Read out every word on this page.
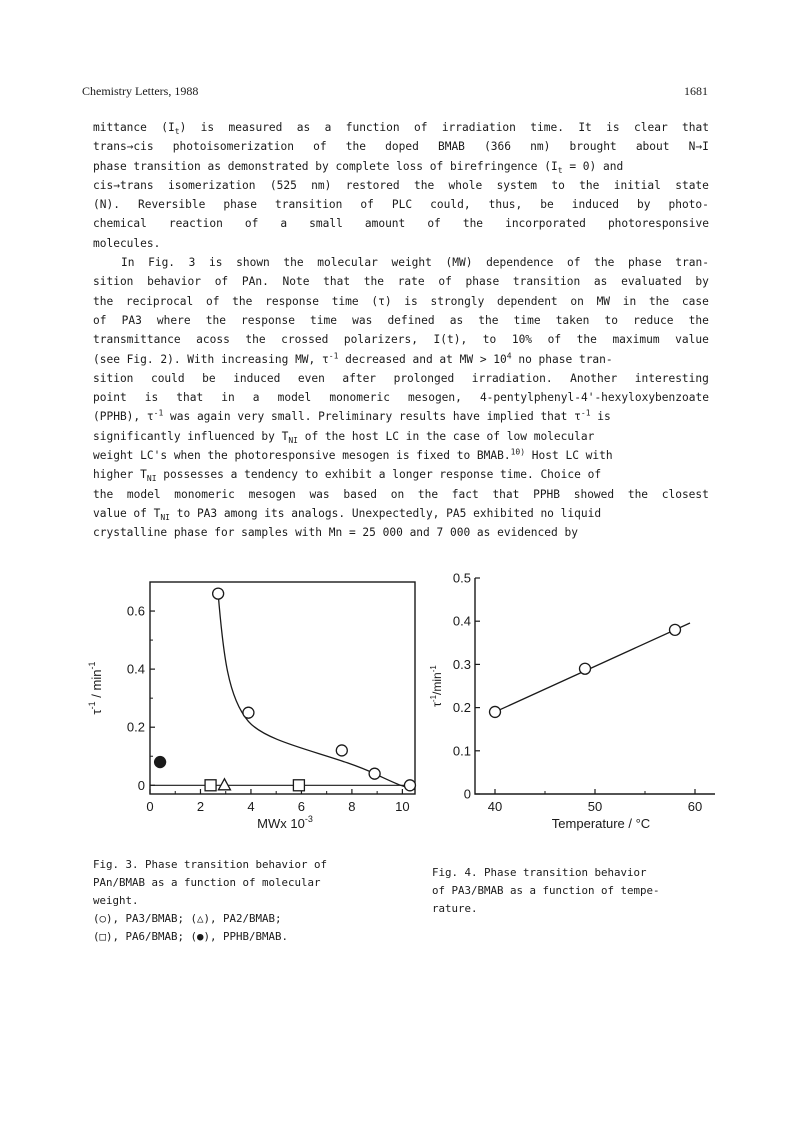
Chemistry Letters, 1988	1681
mittance $(I_t)$ is measured as a function of irradiation time. It is clear that
trans→cis photoisomerization of the doped BMAB (366 nm) brought about N→I
phase transition as demonstrated by complete loss of birefringence $(I_t = 0)$ and
cis→trans isomerization (525 nm) restored the whole system to the initial state
(N). Reversible phase transition of PLC could, thus, be induced by photo-
chemical reaction of a small amount of the incorporated photoresponsive
molecules.
In Fig. 3 is shown the molecular weight (MW) dependence of the phase tran-
sition behavior of PAn. Note that the rate of phase transition as evaluated by
the reciprocal of the response time (τ) is strongly dependent on MW in the case
of PA3 where the response time was defined as the time taken to reduce the
transmittance acoss the crossed polarizers, I(t), to 10% of the maximum value
(see Fig. 2). With increasing MW, $\tau^{-1}$ decreased and at MW > $10^4$ no phase tran-
sition could be induced even after prolonged irradiation. Another interesting
point is that in a model monomeric mesogen, 4-pentylphenyl-4'-hexyloxybenzoate
(PPHB), $\tau^{-1}$ was again very small. Preliminary results have implied that $\tau^{-1}$ is
significantly influenced by $T_{NI}$ of the host LC in the case of low molecular
weight LC's when the photoresponsive mesogen is fixed to BMAB.$^{10)}$ Host LC with
higher $T_{NI}$ possesses a tendency to exhibit a longer response time. Choice of
the model monomeric mesogen was based on the fact that PPHB showed the closest
value of $T_{NI}$ to PA3 among its analogs. Unexpectedly, PA5 exhibited no liquid
crystalline phase for samples with Mn = 25 000 and 7 000 as evidenced by
0	2	4	6	8	10
0
0.2
0.4
0.6
MWx $10^{-3}$
$\tau^{-1} / \min^{-1}$
40	50	60
0
0.1
0.2
0.3
0.4
0.5
Temperature / °C
$\tau^{-1}/\min^{-1}$
Fig. 3. Phase transition behavior of
PAn/BMAB as a function of molecular
weight.
(○), PA3/BMAB; (△), PA2/BMAB;
(□), PA6/BMAB; (●), PPHB/BMAB.
Fig. 4. Phase transition behavior
of PA3/BMAB as a function of tempe-
rature.
